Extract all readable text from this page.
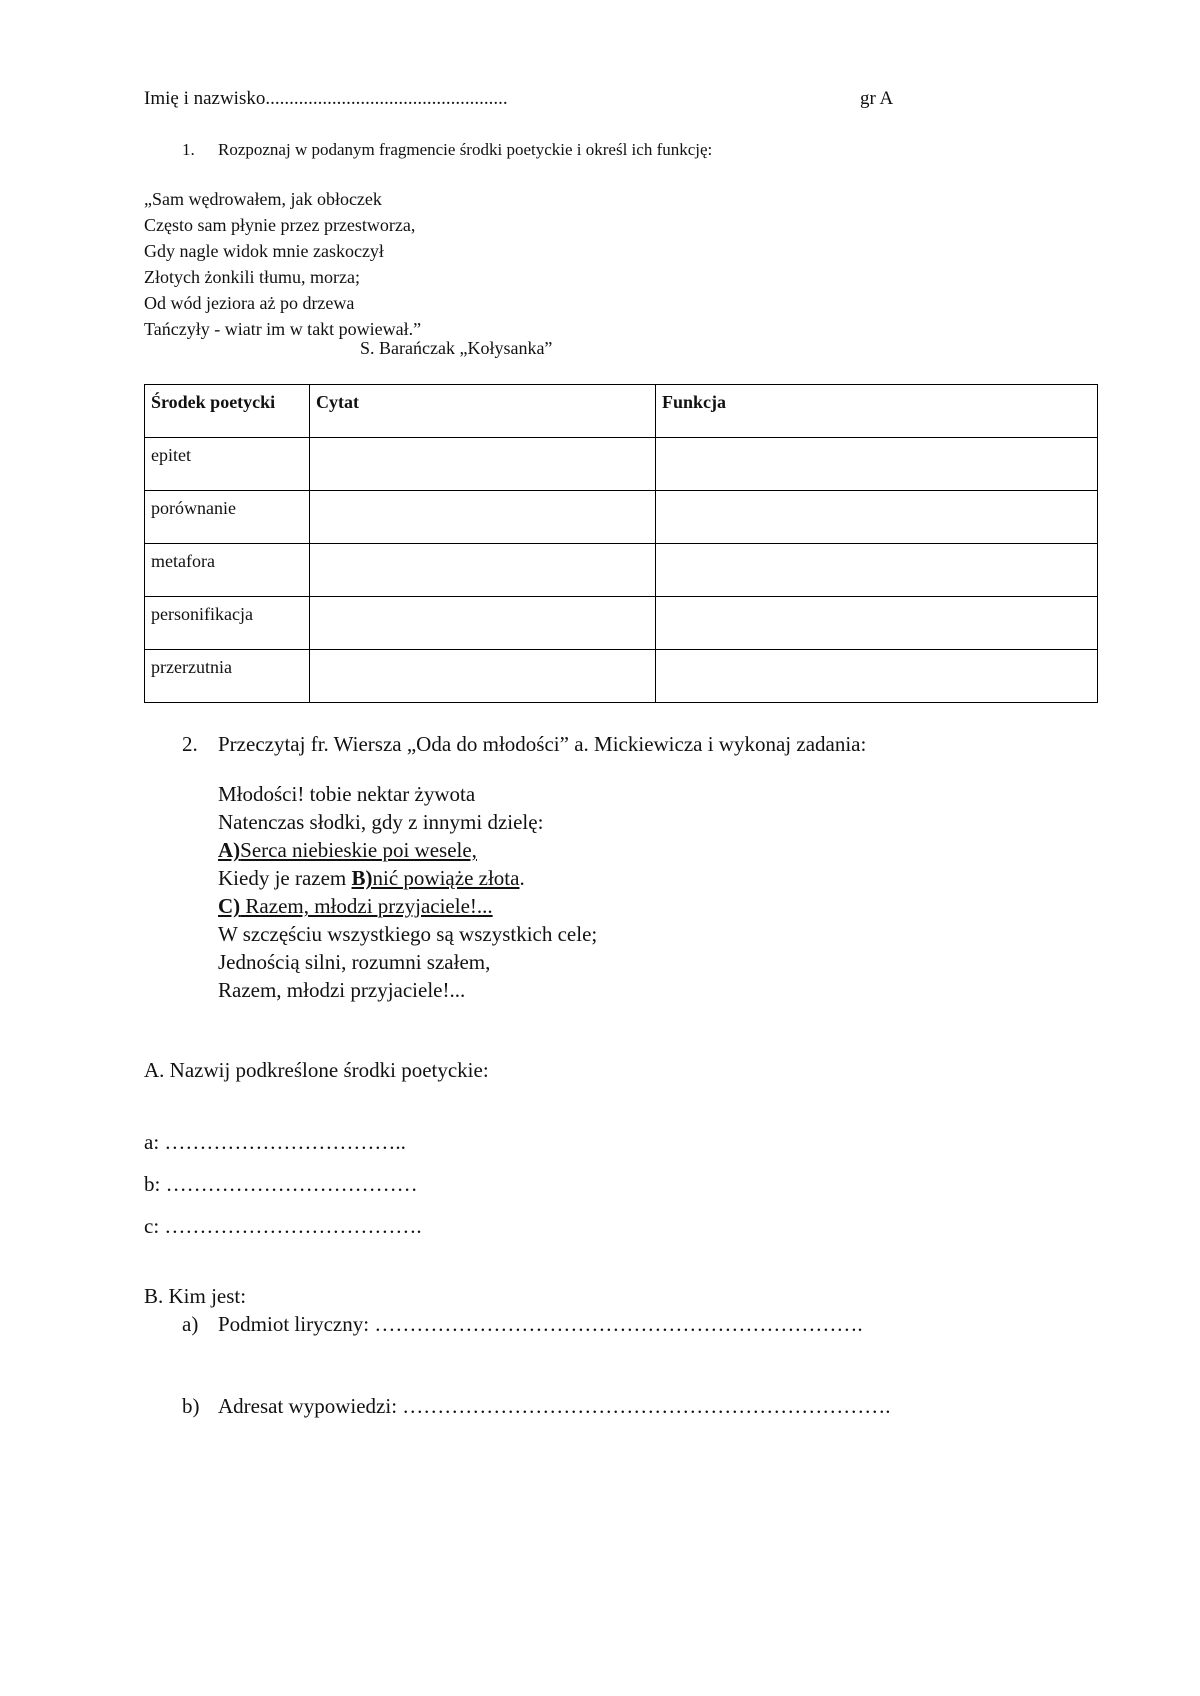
Imię i nazwisko...................................................	gr A
1. Rozpoznaj w podanym fragmencie środki poetyckie i określ ich funkcję:
„Sam wędrowałem, jak obłoczek
Często sam płynie przez przestworza,
Gdy nagle widok mnie zaskoczył
Złotych żonkili tłumu, morza;
Od wód jeziora aż po drzewa
Tańczyły - wiatr im w takt powiewał.”
S. Barańczak „Kołysanka”
Środek poetycki	Cytat	Funkcja
epitet		
porównanie		
metafora		
personifikacja		
przerzutnia		
2. Przeczytaj fr. Wiersza „Oda do młodości” a. Mickiewicza i wykonaj zadania:
Młodości! tobie nektar żywota
Natenczas słodki, gdy z innymi dzielę:
A)Serca niebieskie poi wesele,
Kiedy je razem B)nić powiąże złota.
C) Razem, młodzi przyjaciele!...
W szczęściu wszystkiego są wszystkich cele;
Jednością silni, rozumni szałem,
Razem, młodzi przyjaciele!...
A. Nazwij podkreślone środki poetyckie:
a: ……………………………..
b: ………………………………
c: ……………………………….
B. Kim jest:
a) Podmiot liryczny: …………………………………………………………….
b) Adresat wypowiedzi: …………………………………………………………….
